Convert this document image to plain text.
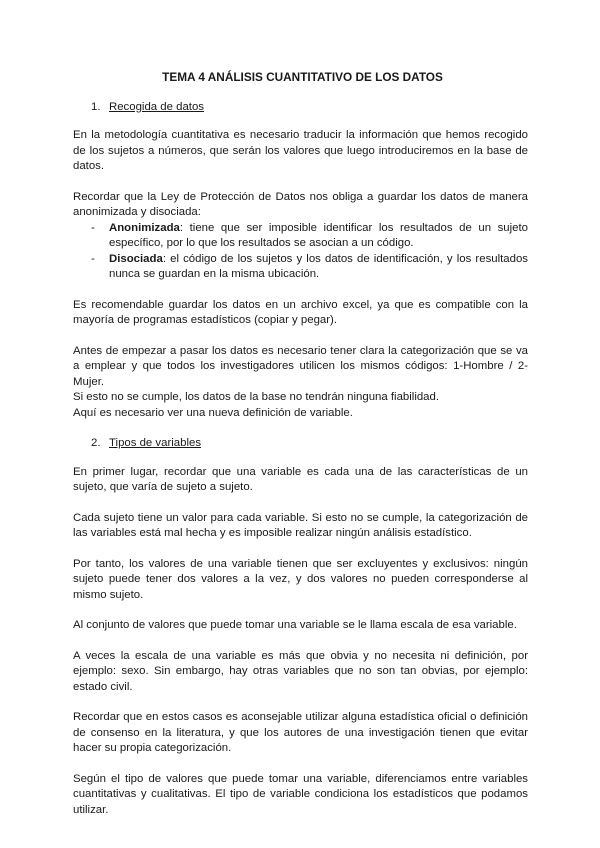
TEMA 4 ANÁLISIS CUANTITATIVO DE LOS DATOS
1. Recogida de datos

En la metodología cuantitativa es necesario traducir la información que hemos recogido de los sujetos a números, que serán los valores que luego introduciremos en la base de datos.

Recordar que la Ley de Protección de Datos nos obliga a guardar los datos de manera anonimizada y disociada:

- Anonimizada: tiene que ser imposible identificar los resultados de un sujeto específico, por lo que los resultados se asocian a un código.
- Disociada: el código de los sujetos y los datos de identificación, y los resultados nunca se guardan en la misma ubicación.

Es recomendable guardar los datos en un archivo excel, ya que es compatible con la mayoría de programas estadísticos (copiar y pegar).

Antes de empezar a pasar los datos es necesario tener clara la categorización que se va a emplear y que todos los investigadores utilicen los mismos códigos: 1-Hombre / 2-Mujer.

Si esto no se cumple, los datos de la base no tendrán ninguna fiabilidad.

Aquí es necesario ver una nueva definición de variable.

2. Tipos de variables

En primer lugar, recordar que una variable es cada una de las características de un sujeto, que varía de sujeto a sujeto.

Cada sujeto tiene un valor para cada variable. Si esto no se cumple, la categorización de las variables está mal hecha y es imposible realizar ningún análisis estadístico.

Por tanto, los valores de una variable tienen que ser excluyentes y exclusivos: ningún sujeto puede tener dos valores a la vez, y dos valores no pueden corresponderse al mismo sujeto.

Al conjunto de valores que puede tomar una variable se le llama escala de esa variable.

A veces la escala de una variable es más que obvia y no necesita ni definición, por ejemplo: sexo. Sin embargo, hay otras variables que no son tan obvias, por ejemplo: estado civil.

Recordar que en estos casos es aconsejable utilizar alguna estadística oficial o definición de consenso en la literatura, y que los autores de una investigación tienen que evitar hacer su propia categorización.

Según el tipo de valores que puede tomar una variable, diferenciamos entre variables cuantitativas y cualitativas. El tipo de variable condiciona los estadísticos que podamos utilizar.
